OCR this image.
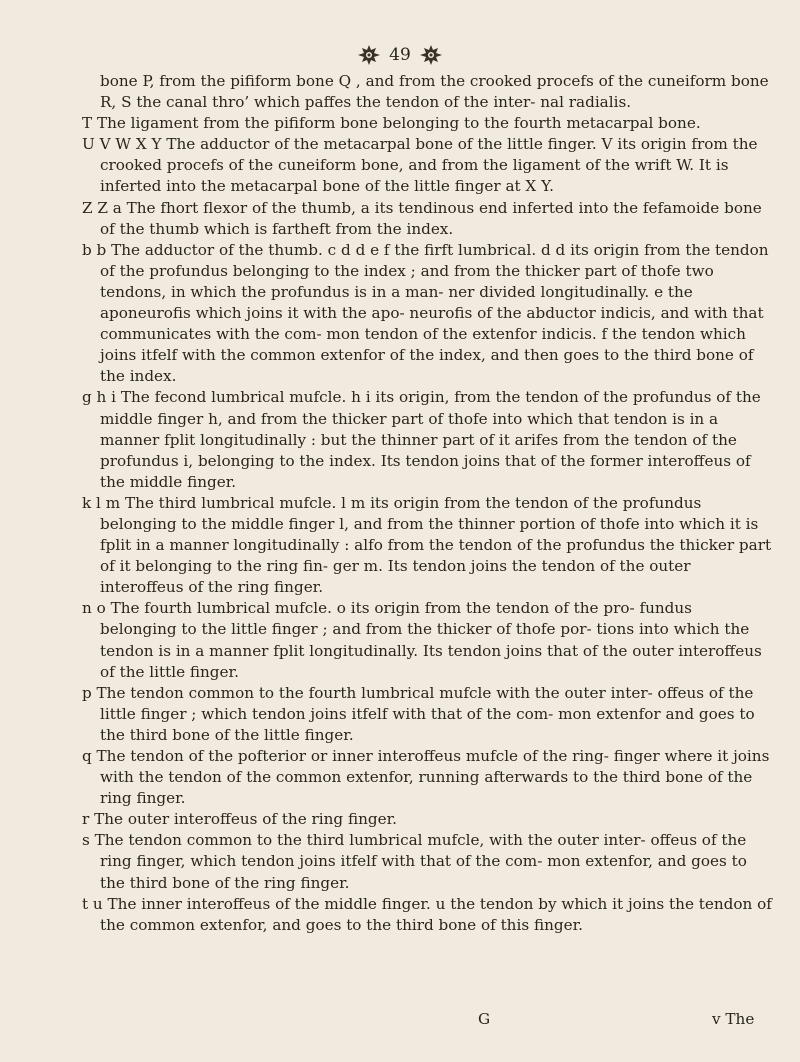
49

bone P, from the pifiform bone Q , and from the crooked procefs of the cuneiform bone R, S the canal thro’ which paffes the tendon of the inter- nal radialis.

T The ligament from the pifiform bone belonging to the fourth metacarpal bone.

U V W X Y The adductor of the metacarpal bone of the little finger. V its origin from the crooked procefs of the cuneiform bone, and from the ligament of the wrift W. It is inferted into the metacarpal bone of the little finger at X Y.

Z Z a The fhort flexor of the thumb, a its tendinous end inferted into the fefamoide bone of the thumb which is fartheft from the index.

b b The adductor of the thumb. c d d e f the firft lumbrical. d d its origin from the tendon of the profundus belonging to the index ; and from the thicker part of thofe two tendons, in which the profundus is in a man- ner divided longitudinally. e the aponeurofis which joins it with the apo- neurofis of the abductor indicis, and with that communicates with the com- mon tendon of the extenfor indicis. f the tendon which joins itfelf with the common extenfor of the index, and then goes to the third bone of the index.

g h i The fecond lumbrical mufcle. h i its origin, from the tendon of the profundus of the middle finger h, and from the thicker part of thofe into which that tendon is in a manner fplit longitudinally : but the thinner part of it arifes from the tendon of the profundus i, belonging to the index. Its tendon joins that of the former interoffeus of the middle finger.

k l m The third lumbrical mufcle. l m its origin from the tendon of the profundus belonging to the middle finger l, and from the thinner portion of thofe into which it is fplit in a manner longitudinally : alfo from the tendon of the profundus the thicker part of it belonging to the ring fin- ger m. Its tendon joins the tendon of the outer interoffeus of the ring finger.

n o The fourth lumbrical mufcle. o its origin from the tendon of the pro- fundus belonging to the little finger ; and from the thicker of thofe por- tions into which the tendon is in a manner fplit longitudinally. Its tendon joins that of the outer interoffeus of the little finger.

p The tendon common to the fourth lumbrical mufcle with the outer inter- offeus of the little finger ; which tendon joins itfelf with that of the com- mon extenfor and goes to the third bone of the little finger.

q The tendon of the pofterior or inner interoffeus mufcle of the ring- finger where it joins with the tendon of the common extenfor, running afterwards to the third bone of the ring finger.

r The outer interoffeus of the ring finger.

s The tendon common to the third lumbrical mufcle, with the outer inter- offeus of the ring finger, which tendon joins itfelf with that of the com- mon extenfor, and goes to the third bone of the ring finger.

t u The inner interoffeus of the middle finger. u the tendon by which it joins the tendon of the common extenfor, and goes to the third bone of this finger.

G	v The
